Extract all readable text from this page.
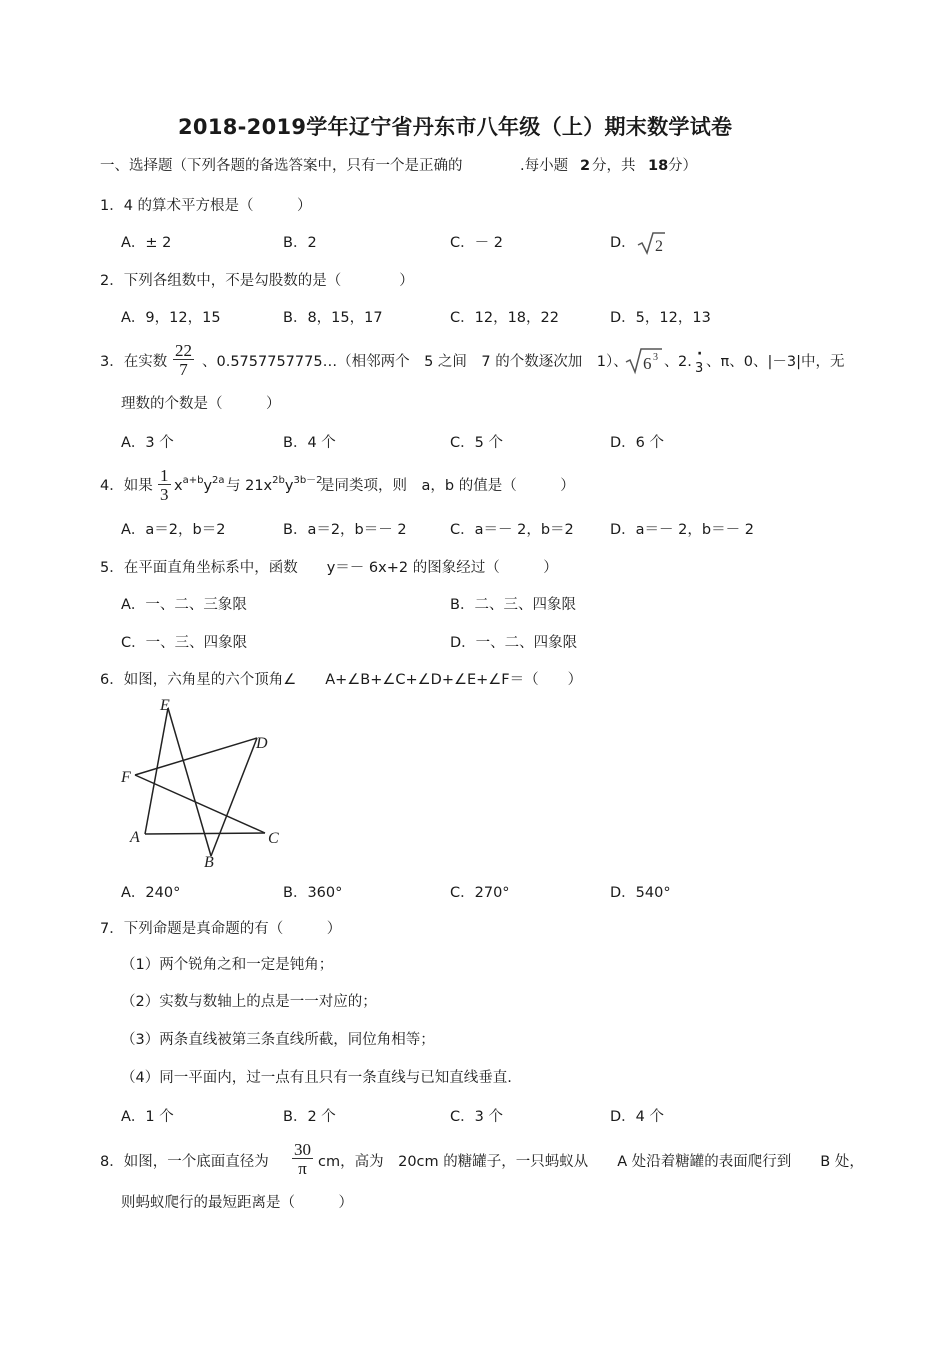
2018-2019学年辽宁省丹东市八年级（上）期末数学试卷
一、选择题（下列各题的备选答案中，只有一个是正确的	.每小题 2 分，共 18 分）
1．4 的算术平方根是（　　　）
A．± 2	B．2	C．－ 2	D． 2
2．下列各组数中，不是勾股数的是（　　　　）
A．9，12，15	B．8，15，17	C．12，18，22	D．5，12，13
3．在实数 $\frac{22}{7}$ 、0.5757757775…（相邻两个　5 之间　7 的个数逐次加　1）、 6 3 、 2. 3
· 、π、0、|－3|中，无
理数的个数是（　　　）
A．3 个	B．4 个	C．5 个	D．6 个
4．如果 $\frac{1}{3} x^{a+b}y^{2a}$ 与 $21x^{2b}y^{3b-2}$
是同类项，则　a，b 的值是（　　　）
A．a＝2，b＝2	B．a＝2，b＝－ 2	C．a＝－ 2，b＝2 D．a＝－ 2，b＝－ 2
5．在平面直角坐标系中，函数　　y＝－ 6x+2 的图象经过（　　　）
A．一、二、三象限	B．二、三、四象限
C．一、三、四象限	D．一、二、四象限
6．如图，六角星的六个顶角∠　　A+∠B+∠C+∠D+∠E+∠F＝（　　）
E
D
F
A	C
B
A．240°	B．360°	C．270°	D．540°
7．下列命题是真命题的有（　　　）
（1）两个锐角之和一定是钝角；
（2）实数与数轴上的点是一一对应的；
（3）两条直线被第三条直线所截，同位角相等；
（4）同一平面内，过一点有且只有一条直线与已知直线垂直.
A．1 个	B．2 个	C．3 个	D．4 个
8．如图，一个底面直径为 $\frac{30}{\pi}$ cm，高为　20cm 的糖罐子，一只蚂蚁从　　A 处沿着糖罐的表面爬行到　　B 处，
则蚂蚁爬行的最短距离是（　　　）
